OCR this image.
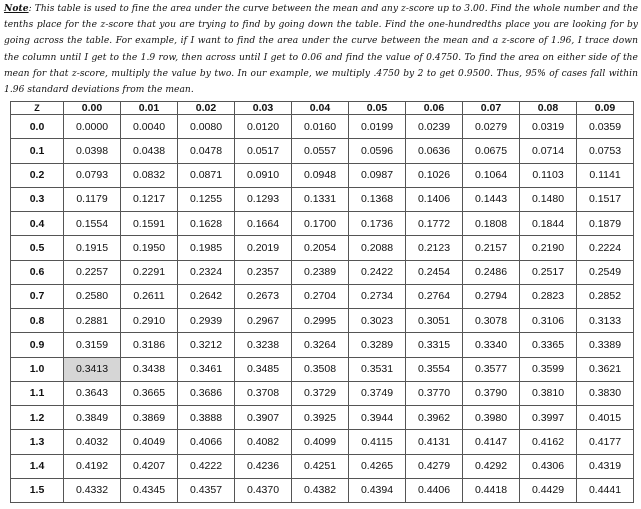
Note: This table is used to fine the area under the curve between the mean and any z-score up to 3.00. Find the whole number and the tenths place for the z-score that you are trying to find by going down the table. Find the one-hundredths place you are looking for by going across the table. For example, if I want to find the area under the curve between the mean and a z-score of 1.96, I trace down the column until I get to the 1.9 row, then across until I get to 0.06 and find the value of 0.4750. To find the area on either side of the mean for that z-score, multiply the value by two. In our example, we multiply .4750 by 2 to get 0.9500. Thus, 95% of cases fall within 1.96 standard deviations from the mean.
Z	0.00	0.01	0.02	0.03	0.04	0.05	0.06	0.07	0.08	0.09
0.0	0.0000	0.0040	0.0080	0.0120	0.0160	0.0199	0.0239	0.0279	0.0319	0.0359
0.1	0.0398	0.0438	0.0478	0.0517	0.0557	0.0596	0.0636	0.0675	0.0714	0.0753
0.2	0.0793	0.0832	0.0871	0.0910	0.0948	0.0987	0.1026	0.1064	0.1103	0.1141
0.3	0.1179	0.1217	0.1255	0.1293	0.1331	0.1368	0.1406	0.1443	0.1480	0.1517
0.4	0.1554	0.1591	0.1628	0.1664	0.1700	0.1736	0.1772	0.1808	0.1844	0.1879
0.5	0.1915	0.1950	0.1985	0.2019	0.2054	0.2088	0.2123	0.2157	0.2190	0.2224
0.6	0.2257	0.2291	0.2324	0.2357	0.2389	0.2422	0.2454	0.2486	0.2517	0.2549
0.7	0.2580	0.2611	0.2642	0.2673	0.2704	0.2734	0.2764	0.2794	0.2823	0.2852
0.8	0.2881	0.2910	0.2939	0.2967	0.2995	0.3023	0.3051	0.3078	0.3106	0.3133
0.9	0.3159	0.3186	0.3212	0.3238	0.3264	0.3289	0.3315	0.3340	0.3365	0.3389
1.0	0.3413	0.3438	0.3461	0.3485	0.3508	0.3531	0.3554	0.3577	0.3599	0.3621
1.1	0.3643	0.3665	0.3686	0.3708	0.3729	0.3749	0.3770	0.3790	0.3810	0.3830
1.2	0.3849	0.3869	0.3888	0.3907	0.3925	0.3944	0.3962	0.3980	0.3997	0.4015
1.3	0.4032	0.4049	0.4066	0.4082	0.4099	0.4115	0.4131	0.4147	0.4162	0.4177
1.4	0.4192	0.4207	0.4222	0.4236	0.4251	0.4265	0.4279	0.4292	0.4306	0.4319
1.5	0.4332	0.4345	0.4357	0.4370	0.4382	0.4394	0.4406	0.4418	0.4429	0.4441
